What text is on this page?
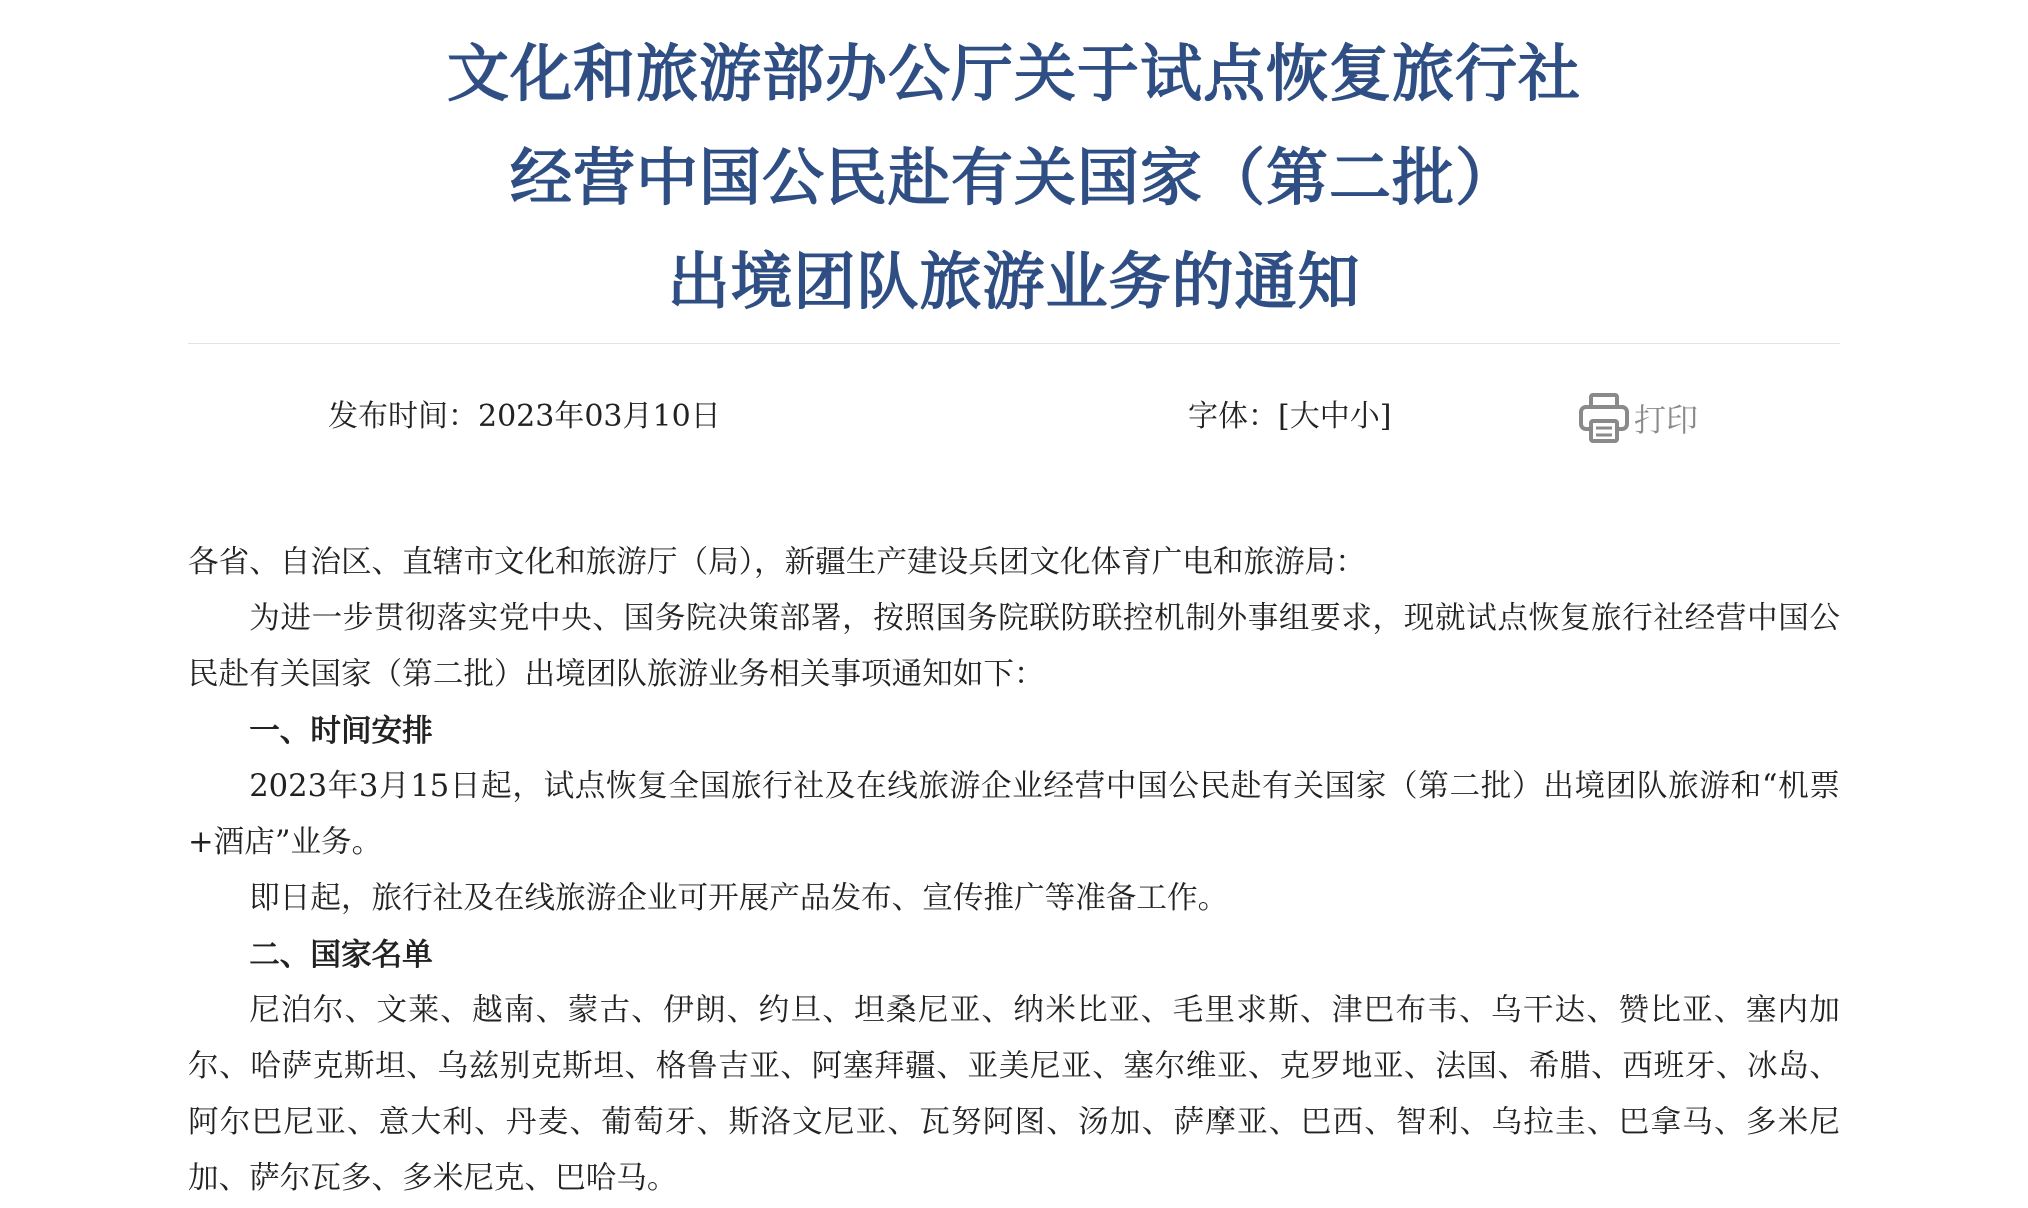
文化和旅游部办公厅关于试点恢复旅行社
经营中国公民赴有关国家（第二批）
出境团队旅游业务的通知
发布时间：2023年03月10日	字体：[大中小]	打印

各省、自治区、直辖市文化和旅游厅（局），新疆生产建设兵团文化体育广电和旅游局：

为进一步贯彻落实党中央、国务院决策部署，按照国务院联防联控机制外事组要求，现就试点恢复旅行社经营中国公民赴有关国家（第二批）出境团队旅游业务相关事项通知如下：

一、时间安排

2023年3月15日起，试点恢复全国旅行社及在线旅游企业经营中国公民赴有关国家（第二批）出境团队旅游和“机票+酒店”业务。

即日起，旅行社及在线旅游企业可开展产品发布、宣传推广等准备工作。

二、国家名单

尼泊尔、文莱、越南、蒙古、伊朗、约旦、坦桑尼亚、纳米比亚、毛里求斯、津巴布韦、乌干达、赞比亚、塞内加尔、哈萨克斯坦、乌兹别克斯坦、格鲁吉亚、阿塞拜疆、亚美尼亚、塞尔维亚、克罗地亚、法国、希腊、西班牙、冰岛、阿尔巴尼亚、意大利、丹麦、葡萄牙、斯洛文尼亚、瓦努阿图、汤加、萨摩亚、巴西、智利、乌拉圭、巴拿马、多米尼加、萨尔瓦多、多米尼克、巴哈马。
